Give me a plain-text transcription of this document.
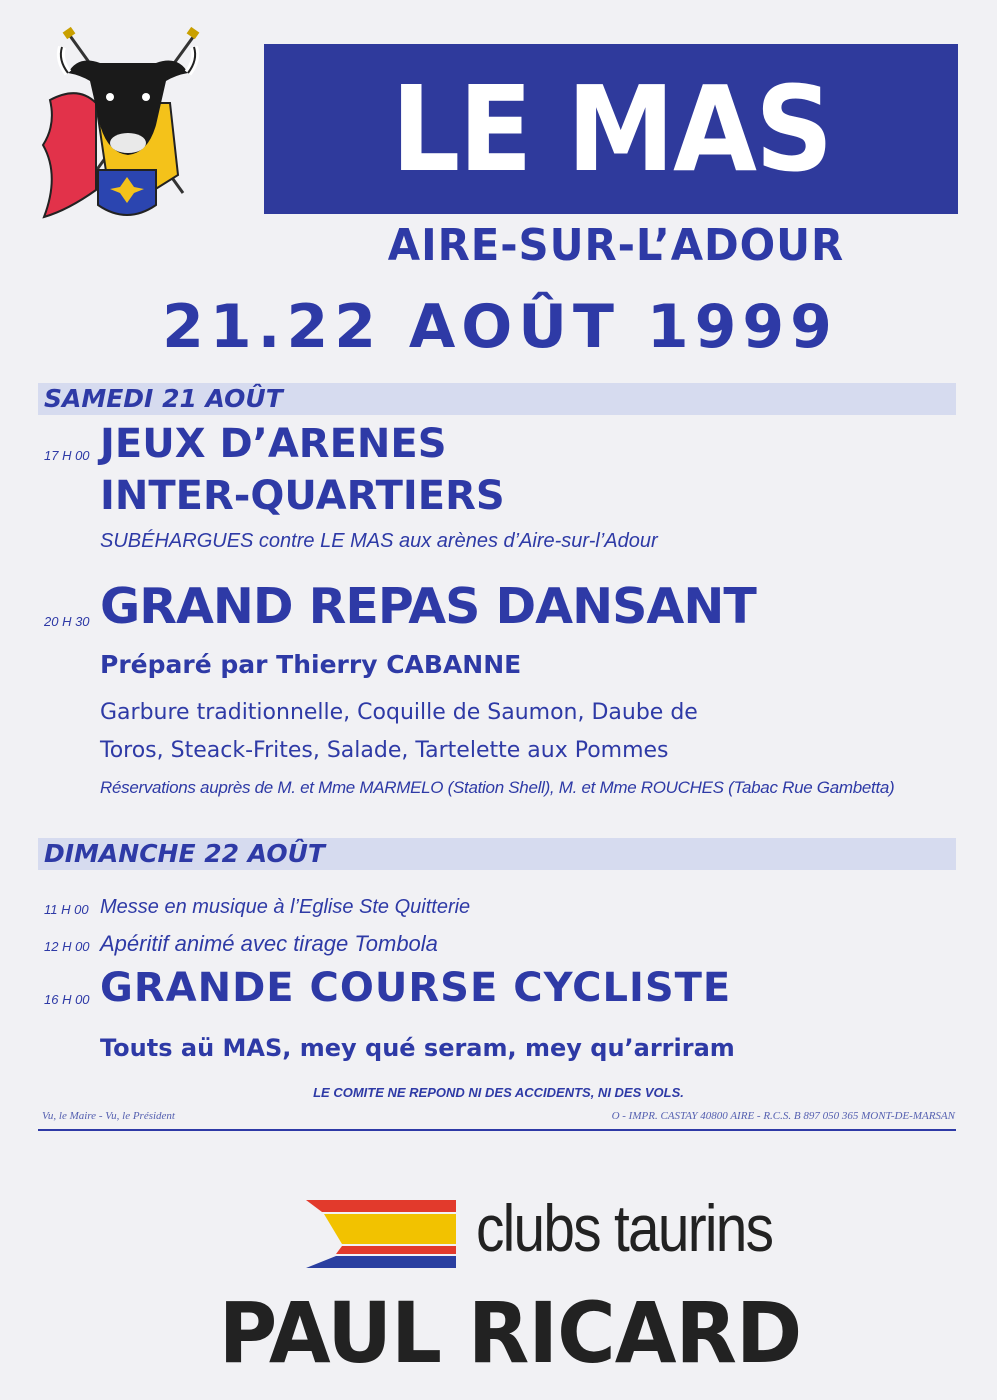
LE MAS
AIRE-SUR-L’ADOUR
21.22 AOÛT 1999
SAMEDI 21 AOÛT
17 H 00 JEUX D’ARENES
INTER-QUARTIERS
SUBÉHARGUES contre LE MAS aux arènes d’Aire-sur-l’Adour
20 H 30 GRAND REPAS DANSANT
Préparé par Thierry CABANNE
Garbure traditionnelle, Coquille de Saumon, Daube de
Toros, Steack-Frites, Salade, Tartelette aux Pommes
Réservations auprès de M. et Mme MARMELO (Station Shell), M. et Mme ROUCHES (Tabac Rue Gambetta)
DIMANCHE 22 AOÛT
11 H 00 Messe en musique à l’Eglise Ste Quitterie
12 H 00 Apéritif animé avec tirage Tombola
16 H 00 GRANDE COURSE CYCLISTE
Touts aü MAS, mey qué seram, mey qu’arriram
LE COMITE NE REPOND NI DES ACCIDENTS, NI DES VOLS.
Vu, le Maire - Vu, le Président	O - IMPR. CASTAY 40800 AIRE - R.C.S. B 897 050 365 MONT-DE-MARSAN
clubs taurins
PAUL RICARD
